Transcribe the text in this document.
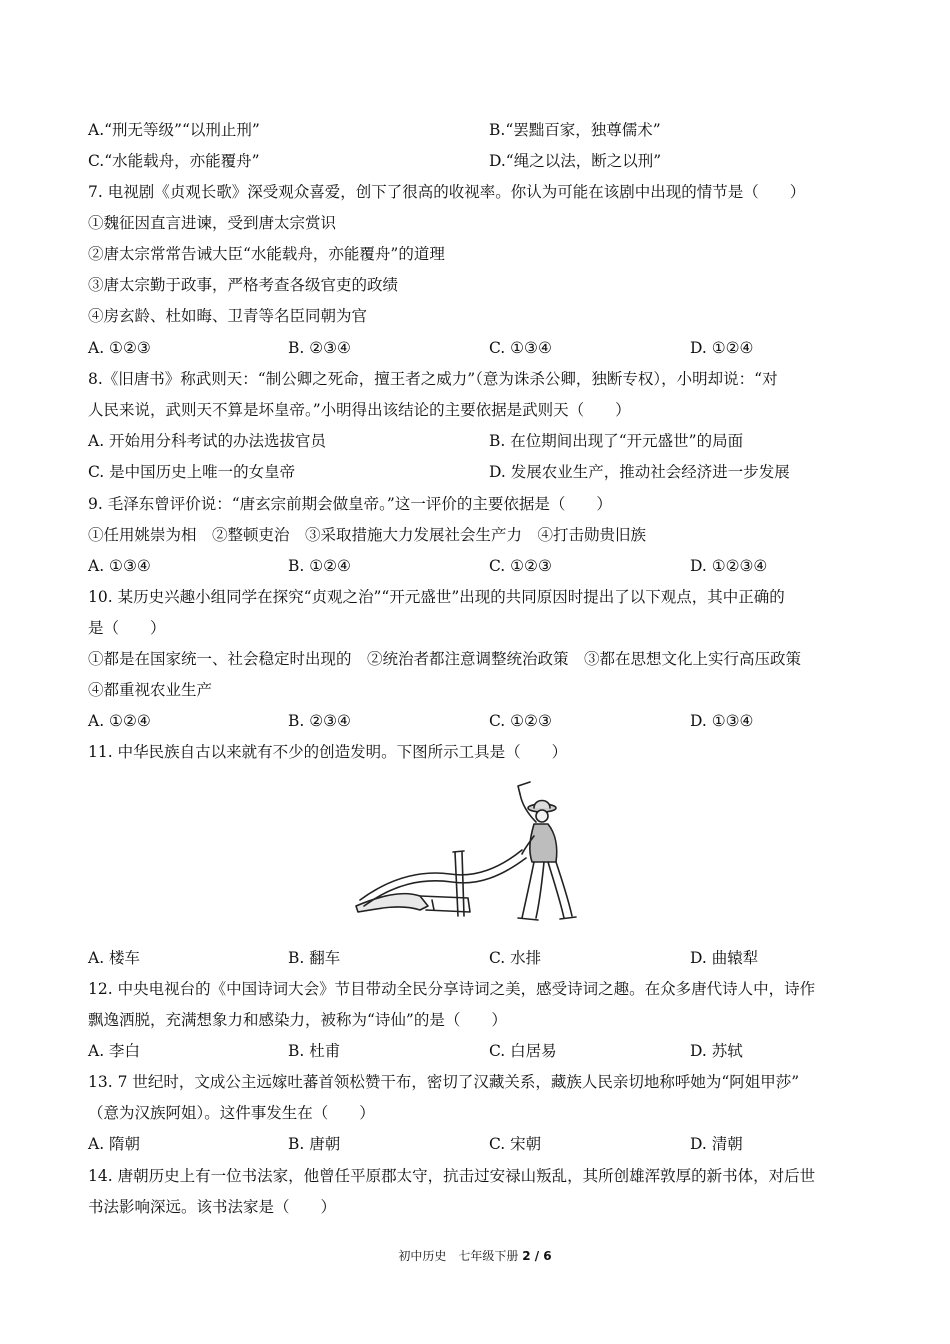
A.“刑无等级”“以刑止刑”	B.“罢黜百家，独尊儒术”
C.“水能载舟，亦能覆舟”	D.“绳之以法，断之以刑”
7. 电视剧《贞观长歌》深受观众喜爱，创下了很高的收视率。你认为可能在该剧中出现的情节是（　　）
①魏征因直言进谏，受到唐太宗赏识
②唐太宗常常告诫大臣“水能载舟，亦能覆舟”的道理
③唐太宗勤于政事，严格考查各级官吏的政绩
④房玄龄、杜如晦、卫青等名臣同朝为官
A. ①②③	B. ②③④	C. ①③④	D. ①②④
8.《旧唐书》称武则天：“制公卿之死命，擅王者之威力”（意为诛杀公卿，独断专权），小明却说：“对
人民来说，武则天不算是坏皇帝。”小明得出该结论的主要依据是武则天（　　）
A. 开始用分科考试的办法选拔官员	B. 在位期间出现了“开元盛世”的局面
C. 是中国历史上唯一的女皇帝	D. 发展农业生产，推动社会经济进一步发展
9. 毛泽东曾评价说：“唐玄宗前期会做皇帝。”这一评价的主要依据是（　　）
①任用姚崇为相　②整顿吏治　③采取措施大力发展社会生产力　④打击勋贵旧族
A. ①③④	B. ①②④	C. ①②③	D. ①②③④
10. 某历史兴趣小组同学在探究“贞观之治”“开元盛世”出现的共同原因时提出了以下观点，其中正确的
是（　　）
①都是在国家统一、社会稳定时出现的　②统治者都注意调整统治政策　③都在思想文化上实行高压政策
④都重视农业生产
A. ①②④	B. ②③④	C. ①②③	D. ①③④
11. 中华民族自古以来就有不少的创造发明。下图所示工具是（　　）
A. 楼车	B. 翻车	C. 水排	D. 曲辕犁
12. 中央电视台的《中国诗词大会》节目带动全民分享诗词之美，感受诗词之趣。在众多唐代诗人中，诗作
飘逸洒脱，充满想象力和感染力，被称为“诗仙”的是（　　）
A. 李白	B. 杜甫	C. 白居易	D. 苏轼
13. 7 世纪时，文成公主远嫁吐蕃首领松赞干布，密切了汉藏关系，藏族人民亲切地称呼她为“阿姐甲莎”
（意为汉族阿姐）。这件事发生在（　　）
A. 隋朝	B. 唐朝	C. 宋朝	D. 清朝
14. 唐朝历史上有一位书法家，他曾任平原郡太守，抗击过安禄山叛乱，其所创雄浑敦厚的新书体，对后世
书法影响深远。该书法家是（　　）
初中历史　七年级下册 2 / 6
